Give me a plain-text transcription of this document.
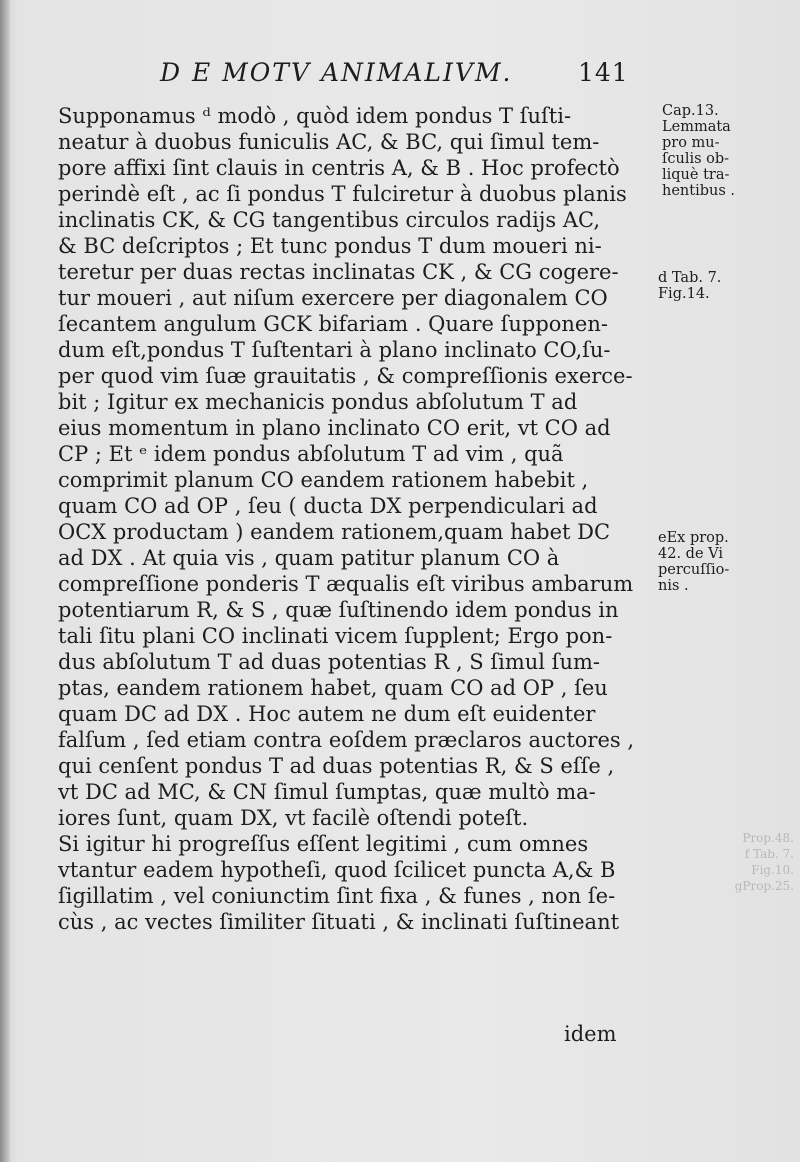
D E MOTV ANIMALIVM.	141
Supponamus ᵈ modò , quòd idem pondus T ſuſti-
neatur à duobus funiculis AC, & BC, qui ſimul tem-
pore affixi ſint clauis in centris A, & B . Hoc profectò
perindè eſt , ac ſi pondus T fulciretur à duobus planis
inclinatis CK, & CG tangentibus circulos radijs AC,
& BC deſcriptos ; Et tunc pondus T dum moueri ni-
teretur per duas rectas inclinatas CK , & CG cogere-
tur moueri , aut niſum exercere per diagonalem CO
ſecantem angulum GCK bifariam . Quare ſupponen-
dum eſt,pondus T ſuſtentari à plano inclinato CO,ſu-
per quod vim ſuæ grauitatis , & compreſſionis exerce-
bit ; Igitur ex mechanicis pondus abſolutum T ad
eius momentum in plano inclinato CO erit, vt CO ad
CP ; Et ᵉ idem pondus abſolutum T ad vim , quã
comprimit planum CO eandem rationem habebit ,
quam CO ad OP , ſeu ( ducta DX perpendiculari ad
OCX productam ) eandem rationem,quam habet DC
ad DX . At quia vis , quam patitur planum CO à
compreſſione ponderis T æqualis eſt viribus ambarum
potentiarum R, & S , quæ ſuſtinendo idem pondus in
tali ſitu plani CO inclinati vicem ſupplent; Ergo pon-
dus abſolutum T ad duas potentias R , S ſimul ſum-
ptas, eandem rationem habet, quam CO ad OP , ſeu
quam DC ad DX . Hoc autem ne dum eſt euidenter
falſum , ſed etiam contra eoſdem præclaros auctores ,
qui cenſent pondus T ad duas potentias R, & S eſſe ,
vt DC ad MC, & CN ſimul ſumptas, quæ multò ma-
iores ſunt, quam DX, vt facilè oſtendi poteſt.
Si igitur hi progreſſus eſſent legitimi , cum omnes
vtantur eadem hypotheſi, quod ſcilicet puncta A,& B
ſigillatim , vel coniunctim ſint fixa , & funes , non ſe-
cùs , ac vectes ſimiliter ſituati , & inclinati ſuſtineant
idem
Cap.13.
Lemmata
pro mu-
ſculis ob-
liquè tra-
hentibus .
d Tab. 7.
Fig.14.
eEx prop.
42. de Vi
percuſſio-
nis .
Prop.48.
f Tab. 7.
Fig.10.
gProp.25.
